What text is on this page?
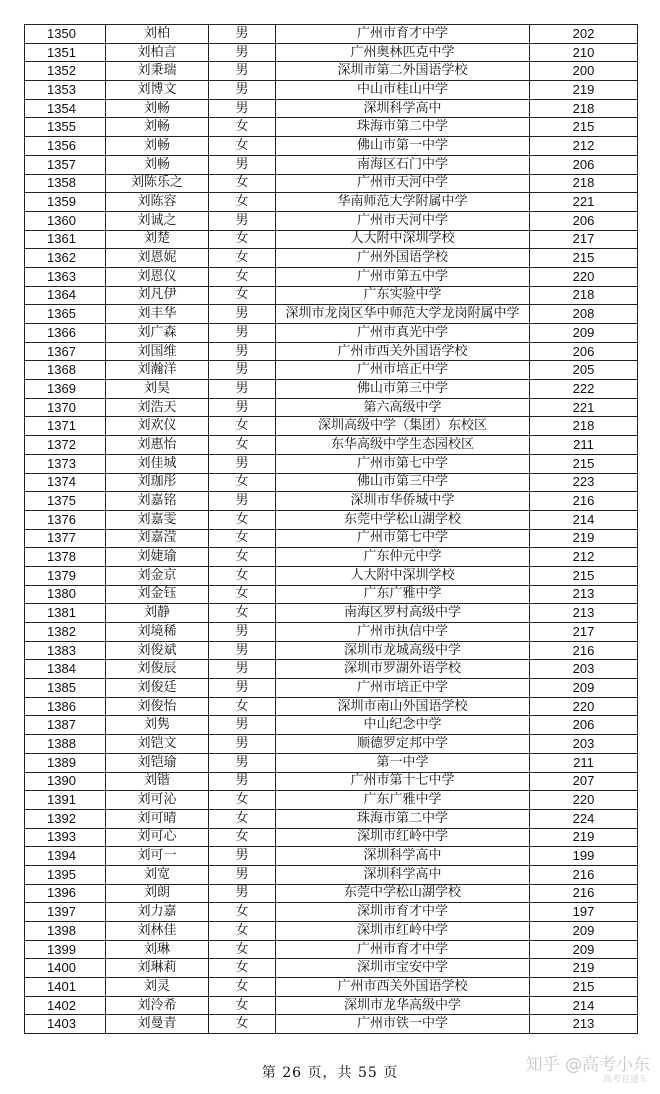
1350	刘柏	男	广州市育才中学	202
1351	刘柏言	男	广州奥林匹克中学	210
1352	刘秉瑞	男	深圳市第二外国语学校	200
1353	刘博文	男	中山市桂山中学	219
1354	刘畅	男	深圳科学高中	218
1355	刘畅	女	珠海市第二中学	215
1356	刘畅	女	佛山市第一中学	212
1357	刘畅	男	南海区石门中学	206
1358	刘陈乐之	女	广州市天河中学	218
1359	刘陈容	女	华南师范大学附属中学	221
1360	刘诚之	男	广州市天河中学	206
1361	刘楚	女	人大附中深圳学校	217
1362	刘恩妮	女	广州外国语学校	215
1363	刘恩仪	女	广州市第五中学	220
1364	刘凡伊	女	广东实验中学	218
1365	刘丰华	男	深圳市龙岗区华中师范大学龙岗附属中学	208
1366	刘广森	男	广州市真光中学	209
1367	刘国维	男	广州市西关外国语学校	206
1368	刘瀚洋	男	广州市培正中学	205
1369	刘昊	男	佛山市第三中学	222
1370	刘浩天	男	第六高级中学	221
1371	刘欢仪	女	深圳高级中学（集团）东校区	218
1372	刘惠怡	女	东华高级中学生态园校区	211
1373	刘佳城	男	广州市第七中学	215
1374	刘珈彤	女	佛山市第三中学	223
1375	刘嘉铭	男	深圳市华侨城中学	216
1376	刘嘉雯	女	东莞中学松山湖学校	214
1377	刘嘉滢	女	广州市第七中学	219
1378	刘婕瑜	女	广东仲元中学	212
1379	刘金京	女	人大附中深圳学校	215
1380	刘金钰	女	广东广雅中学	213
1381	刘静	女	南海区罗村高级中学	213
1382	刘境稀	男	广州市执信中学	217
1383	刘俊斌	男	深圳市龙城高级中学	216
1384	刘俊辰	男	深圳市罗湖外语学校	203
1385	刘俊廷	男	广州市培正中学	209
1386	刘俊怡	女	深圳市南山外国语学校	220
1387	刘隽	男	中山纪念中学	206
1388	刘铠文	男	顺德罗定邦中学	203
1389	刘铠瑜	男	第一中学	211
1390	刘锴	男	广州市第十七中学	207
1391	刘可沁	女	广东广雅中学	220
1392	刘可晴	女	珠海市第二中学	224
1393	刘可心	女	深圳市红岭中学	219
1394	刘可一	男	深圳科学高中	199
1395	刘宽	男	深圳科学高中	216
1396	刘朗	男	东莞中学松山湖学校	216
1397	刘力嘉	女	深圳市育才中学	197
1398	刘林佳	女	深圳市红岭中学	209
1399	刘琳	女	广州市育才中学	209
1400	刘琳莉	女	深圳市宝安中学	219
1401	刘灵	女	广州市西关外国语学校	215
1402	刘泠希	女	深圳市龙华高级中学	214
1403	刘曼青	女	广州市铁一中学	213
第 26 页，共 55 页	知乎 @高考小东
高考直通车
